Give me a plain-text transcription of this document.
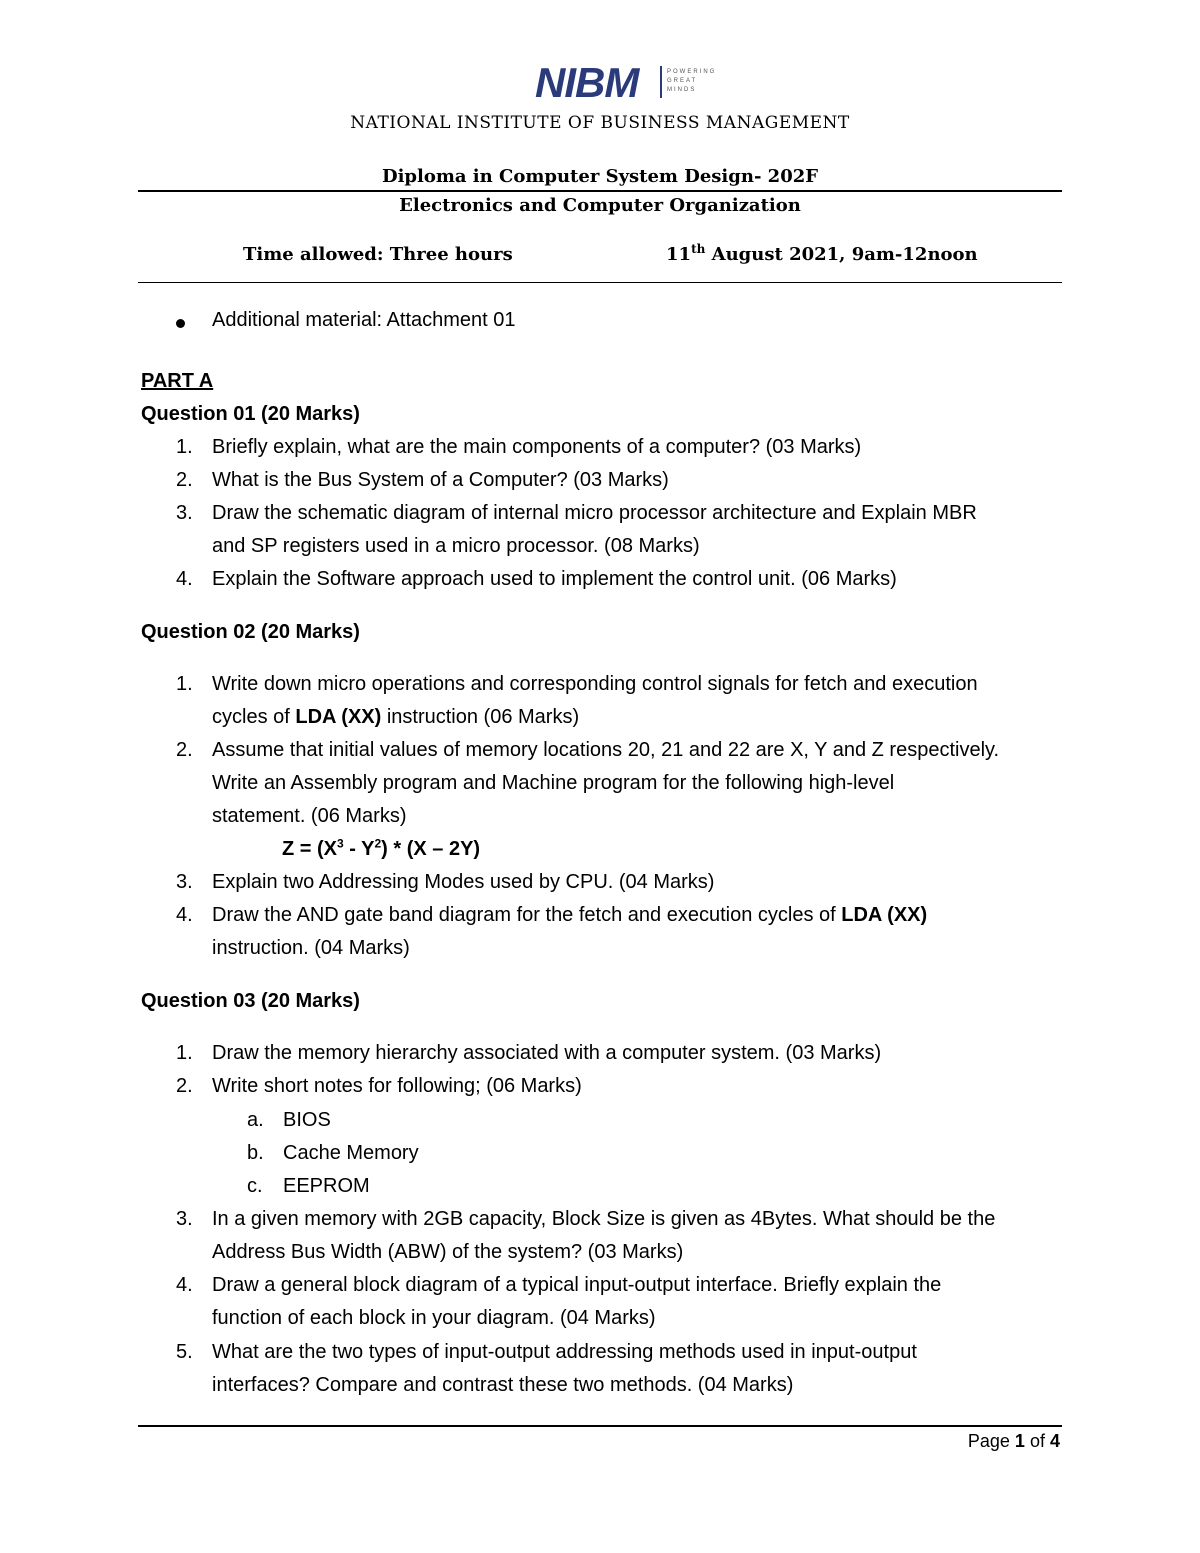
NIBM	POWERING
GREAT
MINDS
NATIONAL INSTITUTE OF BUSINESS MANAGEMENT
Diploma in Computer System Design- 202F
Electronics and Computer Organization
Time allowed: Three hours	11th August 2021, 9am-12noon
Additional material: Attachment 01
PART A
Question 01 (20 Marks)
1. Briefly explain, what are the main components of a computer? (03 Marks)
2. What is the Bus System of a Computer? (03 Marks)
3. Draw the schematic diagram of internal micro processor architecture and Explain MBR
and SP registers used in a micro processor. (08 Marks)
4. Explain the Software approach used to implement the control unit. (06 Marks)
Question 02 (20 Marks)
1. Write down micro operations and corresponding control signals for fetch and execution
cycles of LDA (XX) instruction (06 Marks)
2. Assume that initial values of memory locations 20, 21 and 22 are X, Y and Z respectively.
Write an Assembly program and Machine program for the following high-level
statement. (06 Marks)
$Z = (X^3 - Y^2) * (X - 2Y)$
3. Explain two Addressing Modes used by CPU. (04 Marks)
4. Draw the AND gate band diagram for the fetch and execution cycles of LDA (XX)
instruction. (04 Marks)
Question 03 (20 Marks)
1. Draw the memory hierarchy associated with a computer system. (03 Marks)
2. Write short notes for following; (06 Marks)
a. BIOS
b. Cache Memory
c. EEPROM
3. In a given memory with 2GB capacity, Block Size is given as 4Bytes. What should be the
Address Bus Width (ABW) of the system? (03 Marks)
4. Draw a general block diagram of a typical input-output interface. Briefly explain the
function of each block in your diagram. (04 Marks)
5. What are the two types of input-output addressing methods used in input-output
interfaces? Compare and contrast these two methods. (04 Marks)
Page 1 of 4
